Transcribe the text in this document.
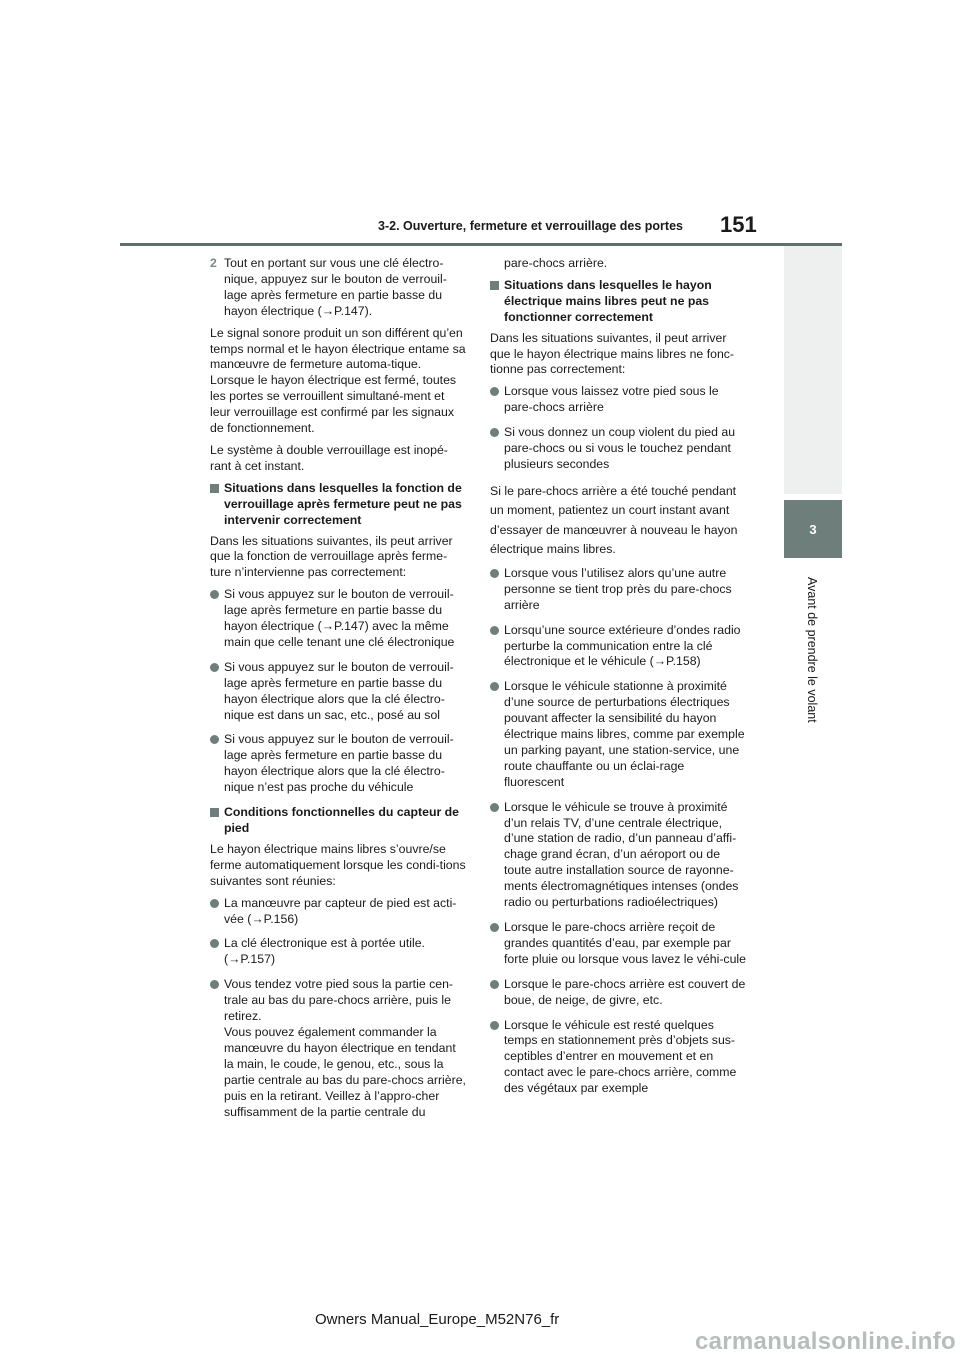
3-2. Ouverture, fermeture et verrouillage des portes	151
3
Avant de prendre le volant
2 Tout en portant sur vous une clé électro-nique, appuyez sur le bouton de verrouil-lage après fermeture en partie basse du hayon électrique (→P.147).

Le signal sonore produit un son différent qu’en temps normal et le hayon électrique entame sa manœuvre de fermeture automa-tique. Lorsque le hayon électrique est fermé, toutes les portes se verrouillent simultané-ment et leur verrouillage est confirmé par les signaux de fonctionnement.

Le système à double verrouillage est inopé-rant à cet instant.

Situations dans lesquelles la fonction de verrouillage après fermeture peut ne pas intervenir correctement

Dans les situations suivantes, ils peut arriver que la fonction de verrouillage après ferme-ture n’intervienne pas correctement:

Si vous appuyez sur le bouton de verrouil-lage après fermeture en partie basse du hayon électrique (→P.147) avec la même main que celle tenant une clé électronique
Si vous appuyez sur le bouton de verrouil-lage après fermeture en partie basse du hayon électrique alors que la clé électro-nique est dans un sac, etc., posé au sol
Si vous appuyez sur le bouton de verrouil-lage après fermeture en partie basse du hayon électrique alors que la clé électro-nique n’est pas proche du véhicule
Conditions fonctionnelles du capteur de pied

Le hayon électrique mains libres s’ouvre/se ferme automatiquement lorsque les condi-tions suivantes sont réunies:

La manœuvre par capteur de pied est acti-vée (→P.156)
La clé électronique est à portée utile. (→P.157)
Vous tendez votre pied sous la partie cen-trale au bas du pare-chocs arrière, puis le retirez.
Vous pouvez également commander la manœuvre du hayon électrique en tendant la main, le coude, le genou, etc., sous la partie centrale au bas du pare-chocs arrière, puis en la retirant. Veillez à l’appro-cher suffisamment de la partie centrale du

pare-chocs arrière.

Situations dans lesquelles le hayon électrique mains libres peut ne pas fonctionner correctement

Dans les situations suivantes, il peut arriver que le hayon électrique mains libres ne fonc-tionne pas correctement:

Lorsque vous laissez votre pied sous le pare-chocs arrière
Si vous donnez un coup violent du pied au pare-chocs ou si vous le touchez pendant plusieurs secondes

Si le pare-chocs arrière a été touché pendant un moment, patientez un court instant avant d’essayer de manœuvrer à nouveau le hayon électrique mains libres.

Lorsque vous l’utilisez alors qu’une autre personne se tient trop près du pare-chocs arrière
Lorsqu’une source extérieure d’ondes radio perturbe la communication entre la clé électronique et le véhicule (→P.158)
Lorsque le véhicule stationne à proximité d’une source de perturbations électriques pouvant affecter la sensibilité du hayon électrique mains libres, comme par exemple un parking payant, une station-service, une route chauffante ou un éclai-rage fluorescent
Lorsque le véhicule se trouve à proximité d’un relais TV, d’une centrale électrique, d’une station de radio, d’un panneau d’affi-chage grand écran, d’un aéroport ou de toute autre installation source de rayonne-ments électromagnétiques intenses (ondes radio ou perturbations radioélectriques)
Lorsque le pare-chocs arrière reçoit de grandes quantités d’eau, par exemple par forte pluie ou lorsque vous lavez le véhi-cule
Lorsque le pare-chocs arrière est couvert de boue, de neige, de givre, etc.
Lorsque le véhicule est resté quelques temps en stationnement près d’objets sus-ceptibles d’entrer en mouvement et en contact avec le pare-chocs arrière, comme des végétaux par exemple
Owners Manual_Europe_M52N76_fr
carmanualsonline.info
